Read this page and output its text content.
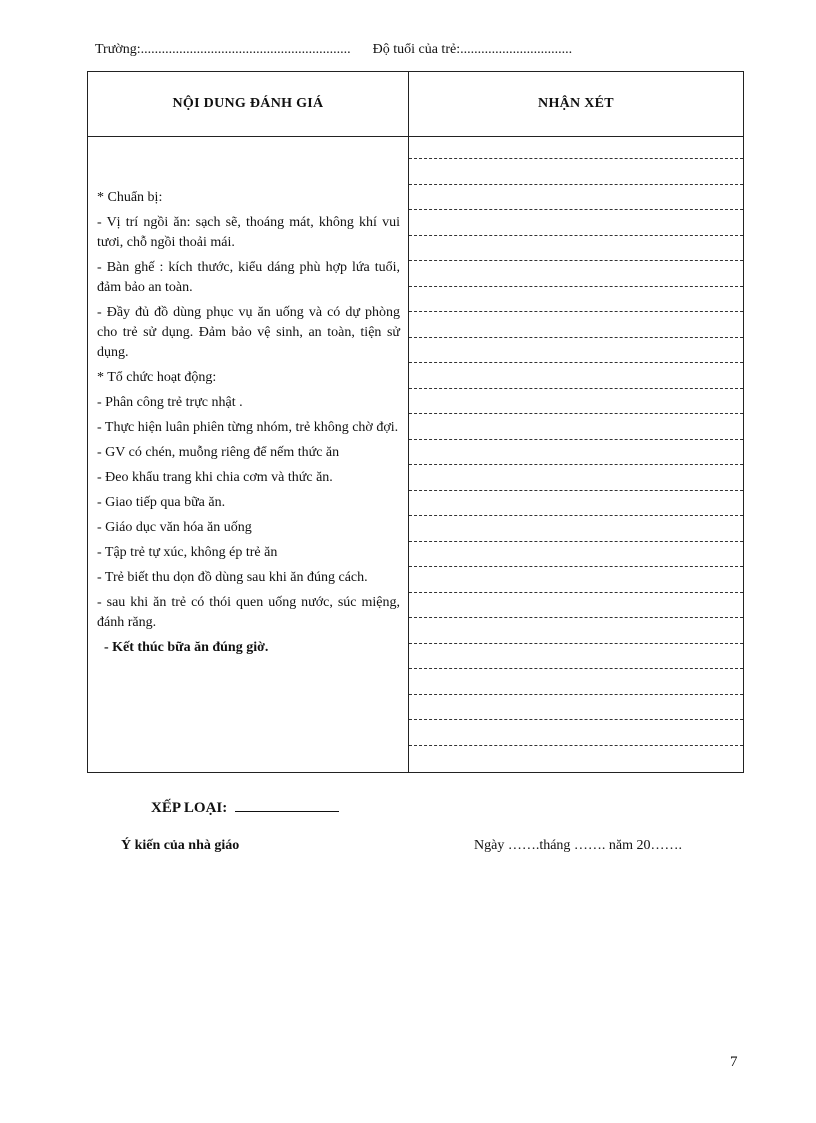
Trường:............................................................ Độ tuổi của trẻ:................................
NỘI DUNG ĐÁNH GIÁ	NHẬN XÉT

* Chuẩn bị:

- Vị trí ngồi ăn: sạch sẽ, thoáng mát, không khí vui tươi, chỗ ngồi thoải mái.

- Bàn ghế : kích thước, kiểu dáng phù hợp lứa tuổi, đảm bảo an toàn.

- Đầy đủ đồ dùng phục vụ ăn uống và có dự phòng cho trẻ sử dụng. Đảm bảo vệ sinh, an toàn, tiện sử dụng.

* Tổ chức hoạt động:

- Phân công trẻ trực nhật .

- Thực hiện luân phiên từng nhóm, trẻ không chờ đợi.

- GV có chén, muỗng riêng để nếm thức ăn

- Đeo khẩu trang khi chia cơm và thức ăn.

- Giao tiếp qua bữa ăn.

- Giáo dục văn hóa ăn uống

- Tập trẻ tự xúc, không ép trẻ ăn

- Trẻ biết thu dọn đồ dùng sau khi ăn đúng cách.

- sau khi ăn trẻ có thói quen uống nước, súc miệng, đánh răng.

- Kết thúc bữa ăn đúng giờ.

XẾP LOẠI:
Ý kiến của nhà giáo	Ngày …….tháng ……. năm 20…….
7
